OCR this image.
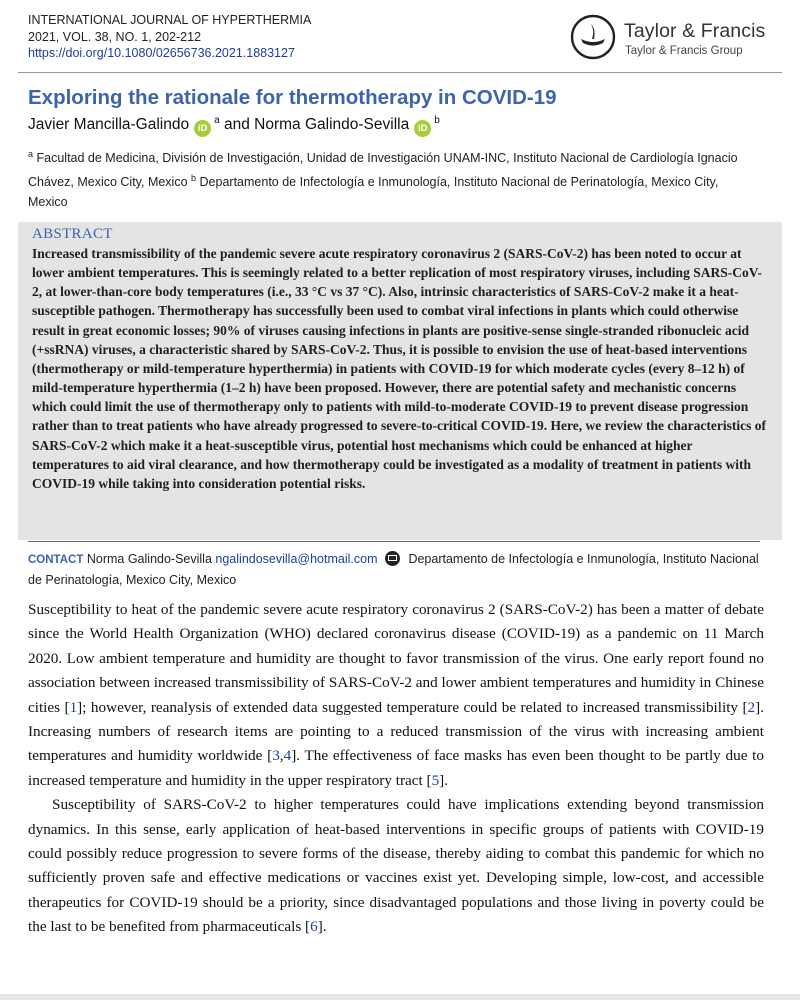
INTERNATIONAL JOURNAL OF HYPERTHERMIA
2021, VOL. 38, NO. 1, 202-212
https://doi.org/10.1080/02656736.2021.1883127
Taylor & Francis
Taylor & Francis Group
Exploring the rationale for thermotherapy in COVID-19
Javier Mancilla-Galindo $iD^a$ and Norma Galindo-Sevilla $iD^b$
$^a$ Facultad de Medicina, División de Investigación, Unidad de Investigación UNAM-INC, Instituto Nacional de Cardiología Ignacio Chávez, Mexico City, Mexico $^b$ Departamento de Infectología e Inmunología, Instituto Nacional de Perinatología, Mexico City, Mexico
ABSTRACT

Increased transmissibility of the pandemic severe acute respiratory coronavirus 2 (SARS-CoV-2) has been noted to occur at lower ambient temperatures. This is seemingly related to a better replication of most respiratory viruses, including SARS-CoV-2, at lower-than-core body temperatures (i.e., 33 °C vs 37 °C). Also, intrinsic characteristics of SARS-CoV-2 make it a heat-susceptible pathogen. Thermotherapy has successfully been used to combat viral infections in plants which could otherwise result in great economic losses; 90% of viruses causing infections in plants are positive-sense single-stranded ribonucleic acid (+ssRNA) viruses, a characteristic shared by SARS-CoV-2. Thus, it is possible to envision the use of heat-based interventions (thermotherapy or mild-temperature hyperthermia) in patients with COVID-19 for which moderate cycles (every 8–12 h) of mild-temperature hyperthermia (1–2 h) have been proposed. However, there are potential safety and mechanistic concerns which could limit the use of thermotherapy only to patients with mild-to-moderate COVID-19 to prevent disease progression rather than to treat patients who have already progressed to severe-to-critical COVID-19. Here, we review the characteristics of SARS-CoV-2 which make it a heat-susceptible virus, potential host mechanisms which could be enhanced at higher temperatures to aid viral clearance, and how thermotherapy could be investigated as a modality of treatment in patients with COVID-19 while taking into consideration potential risks.

CONTACT Norma Galindo-Sevilla ngalindosevilla@hotmail.com Departamento de Infectología e Inmunología, Instituto Nacional de Perinatología, Mexico City, Mexico

Susceptibility to heat of the pandemic severe acute respiratory coronavirus 2 (SARS-CoV-2) has been a matter of debate since the World Health Organization (WHO) declared coronavirus disease (COVID-19) as a pandemic on 11 March 2020. Low ambient temperature and humidity are thought to favor transmission of the virus. One early report found no association between increased transmissibility of SARS-CoV-2 and lower ambient temperatures and humidity in Chinese cities [1]; however, reanalysis of extended data suggested temperature could be related to increased transmissibility [2]. Increasing numbers of research items are pointing to a reduced transmission of the virus with increasing ambient temperatures and humidity worldwide [3,4]. The effectiveness of face masks has even been thought to be partly due to increased temperature and humidity in the upper respiratory tract [5].

Susceptibility of SARS-CoV-2 to higher temperatures could have implications extending beyond transmission dynamics. In this sense, early application of heat-based interventions in specific groups of patients with COVID-19 could possibly reduce progression to severe forms of the disease, thereby aiding to combat this pandemic for which no sufficiently proven safe and effective medications or vaccines exist yet. Developing simple, low-cost, and accessible therapeutics for COVID-19 should be a priority, since disadvantaged populations and those living in poverty could be the last to be benefited from pharmaceuticals [6].
